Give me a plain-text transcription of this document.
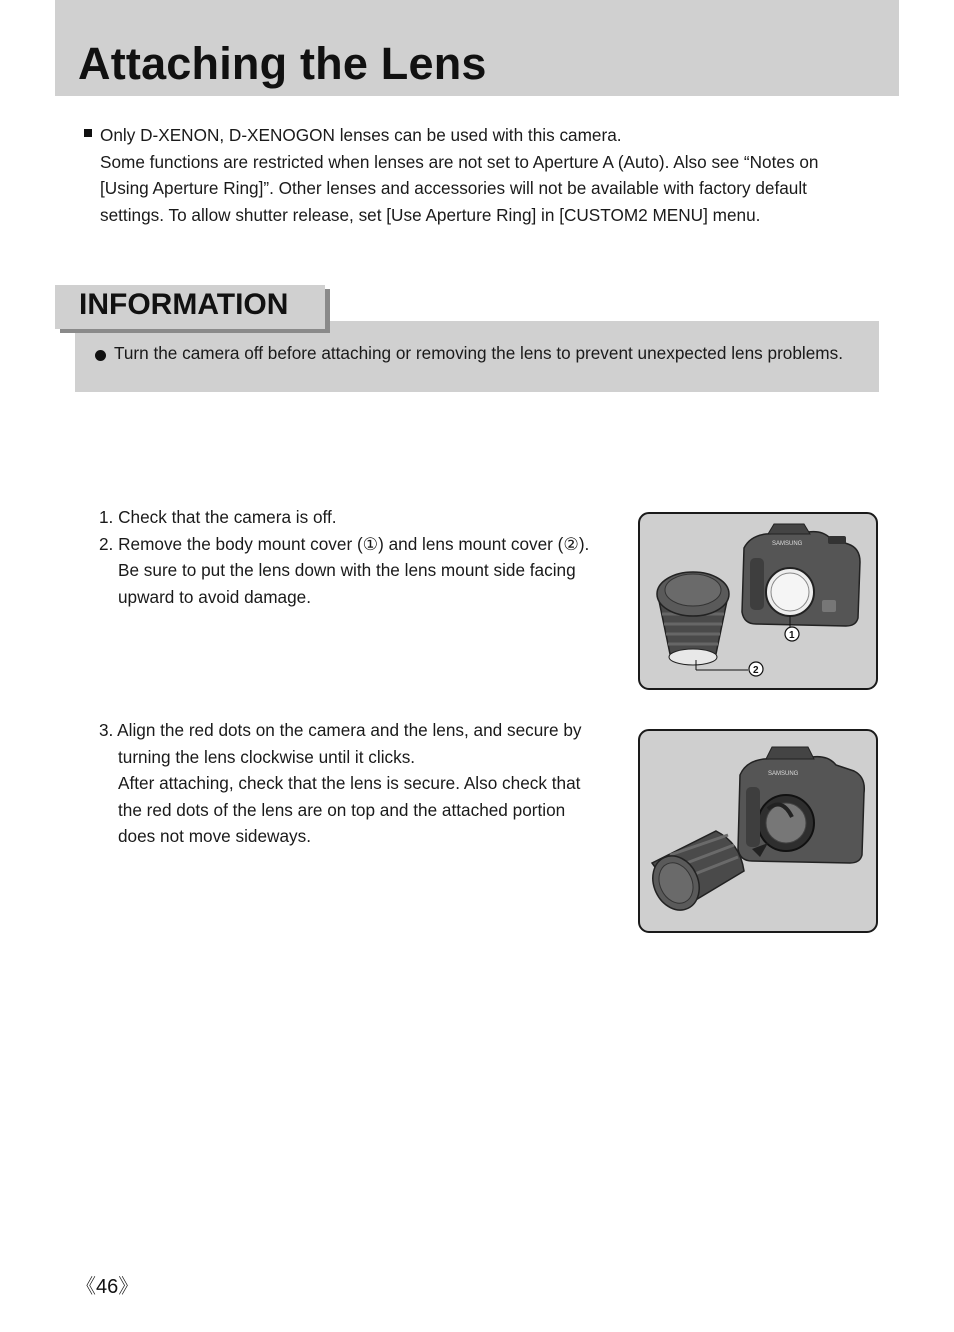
Attaching the Lens
Only D-XENON, D-XENOGON lenses can be used with this camera.
Some functions are restricted when lenses are not set to Aperture A (Auto). Also see “Notes on
[Using Aperture Ring]”. Other lenses and accessories will not be available with factory default
settings. To allow shutter release, set [Use Aperture Ring] in [CUSTOM2 MENU] menu.
Turn the camera off before attaching or removing the lens to prevent unexpected lens problems.
INFORMATION
1. Check that the camera is off.
2. Remove the body mount cover (①) and lens mount cover (②).
Be sure to put the lens down with the lens mount side facing
upward to avoid damage.
3. Align the red dots on the camera and the lens, and secure by
turning the lens clockwise until it clicks.
After attaching, check that the lens is secure. Also check that
the red dots of the lens are on top and the attached portion
does not move sideways.
SAMSUNG
1
2
SAMSUNG
《46》
